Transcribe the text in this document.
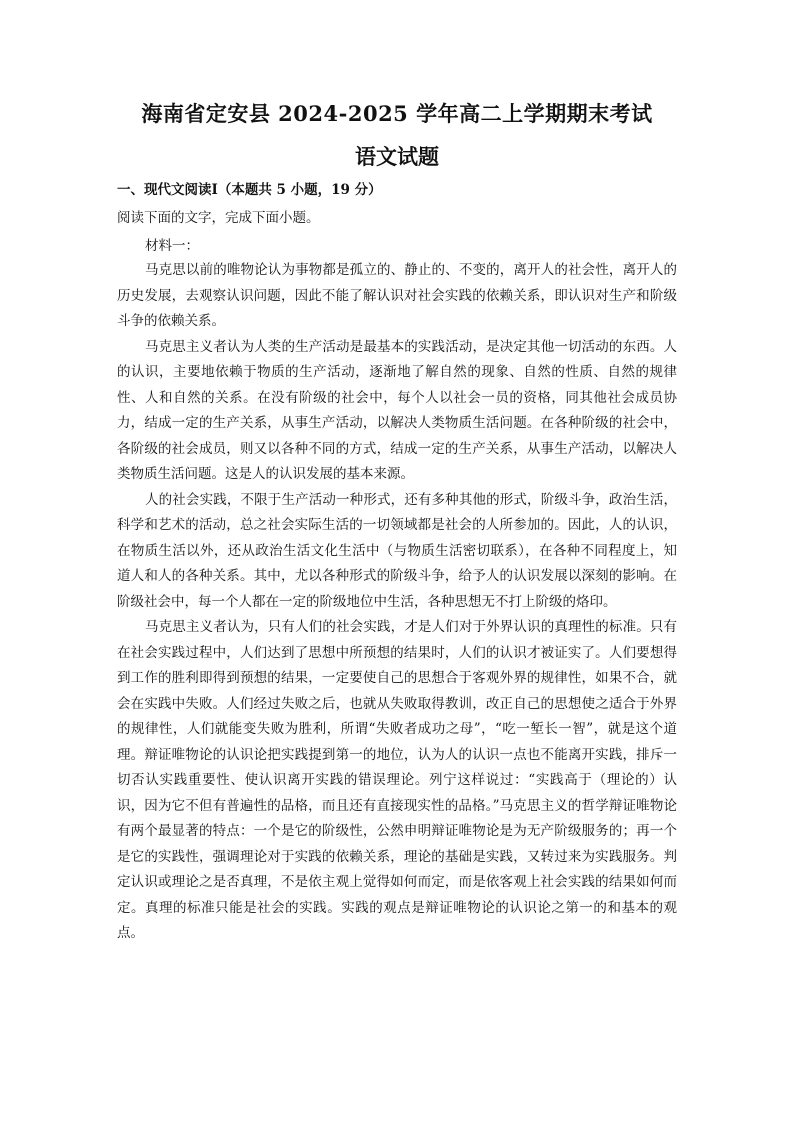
海南省定安县 2024-2025 学年高二上学期期末考试
语文试题
一、现代文阅读Ⅰ（本题共 5 小题，19 分）
阅读下面的文字，完成下面小题。
材料一：

马克思以前的唯物论认为事物都是孤立的、静止的、不变的，离开人的社会性，离开人的历史发展，去观察认识问题，因此不能了解认识对社会实践的依赖关系，即认识对生产和阶级斗争的依赖关系。

马克思主义者认为人类的生产活动是最基本的实践活动，是决定其他一切活动的东西。人的认识，主要地依赖于物质的生产活动，逐渐地了解自然的现象、自然的性质、自然的规律性、人和自然的关系。在没有阶级的社会中，每个人以社会一员的资格，同其他社会成员协力，结成一定的生产关系，从事生产活动，以解决人类物质生活问题。在各种阶级的社会中，各阶级的社会成员，则又以各种不同的方式，结成一定的生产关系，从事生产活动，以解决人类物质生活问题。这是人的认识发展的基本来源。

人的社会实践，不限于生产活动一种形式，还有多种其他的形式，阶级斗争，政治生活，科学和艺术的活动，总之社会实际生活的一切领域都是社会的人所参加的。因此，人的认识，在物质生活以外，还从政治生活文化生活中（与物质生活密切联系），在各种不同程度上，知道人和人的各种关系。其中，尤以各种形式的阶级斗争，给予人的认识发展以深刻的影响。在阶级社会中，每一个人都在一定的阶级地位中生活，各种思想无不打上阶级的烙印。

马克思主义者认为，只有人们的社会实践，才是人们对于外界认识的真理性的标准。只有在社会实践过程中，人们达到了思想中所预想的结果时，人们的认识才被证实了。人们要想得到工作的胜利即得到预想的结果，一定要使自己的思想合于客观外界的规律性，如果不合，就会在实践中失败。人们经过失败之后，也就从失败取得教训，改正自己的思想使之适合于外界的规律性，人们就能变失败为胜利，所谓“失败者成功之母”，“吃一堑长一智”，就是这个道理。辩证唯物论的认识论把实践提到第一的地位，认为人的认识一点也不能离开实践，排斥一切否认实践重要性、使认识离开实践的错误理论。列宁这样说过：“实践高于（理论的）认识，因为它不但有普遍性的品格，而且还有直接现实性的品格。”马克思主义的哲学辩证唯物论有两个最显著的特点：一个是它的阶级性，公然申明辩证唯物论是为无产阶级服务的；再一个是它的实践性，强调理论对于实践的依赖关系，理论的基础是实践，又转过来为实践服务。判定认识或理论之是否真理，不是依主观上觉得如何而定，而是依客观上社会实践的结果如何而定。真理的标准只能是社会的实践。实践的观点是辩证唯物论的认识论之第一的和基本的观点。
